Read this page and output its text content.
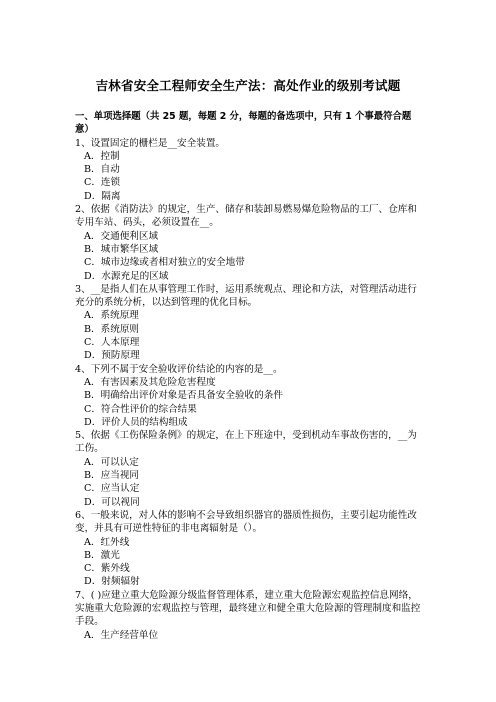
吉林省安全工程师安全生产法：高处作业的级别考试题
一、单项选择题（共 25 题，每题 2 分，每题的备选项中，只有 1 个事最符合题意）
1、设置固定的栅栏是__安全装置。
A．控制
B．自动
C．连锁
D．隔离
2、依据《消防法》的规定，生产、储存和装卸易燃易爆危险物品的工厂、仓库和专用车站、码头，必须设置在__。
A．交通便利区域
B．城市繁华区域
C．城市边缘或者相对独立的安全地带
D．水源充足的区域
3、__是指人们在从事管理工作时，运用系统观点、理论和方法，对管理活动进行充分的系统分析，以达到管理的优化目标。
A．系统原理
B．系统原则
C．人本原理
D．预防原理
4、下列不属于安全验收评价结论的内容的是__。
A．有害因素及其危险危害程度
B．明确给出评价对象是否具备安全验收的条件
C．符合性评价的综合结果
D．评价人员的结构组成
5、依据《工伤保险条例》的规定，在上下班途中，受到机动车事故伤害的，__为工伤。
A．可以认定
B．应当视同
C．应当认定
D．可以视同
6、一般来说，对人体的影响不会导致组织器官的器质性损伤，主要引起功能性改变，并具有可逆性特征的非电离辐射是（）。
A．红外线
B．激光
C．紫外线
D．射频辐射
7、( )应建立重大危险源分级监督管理体系，建立重大危险源宏观监控信息网络，实施重大危险源的宏观监控与管理，最终建立和健全重大危险源的管理制度和监控手段。
A．生产经营单位
